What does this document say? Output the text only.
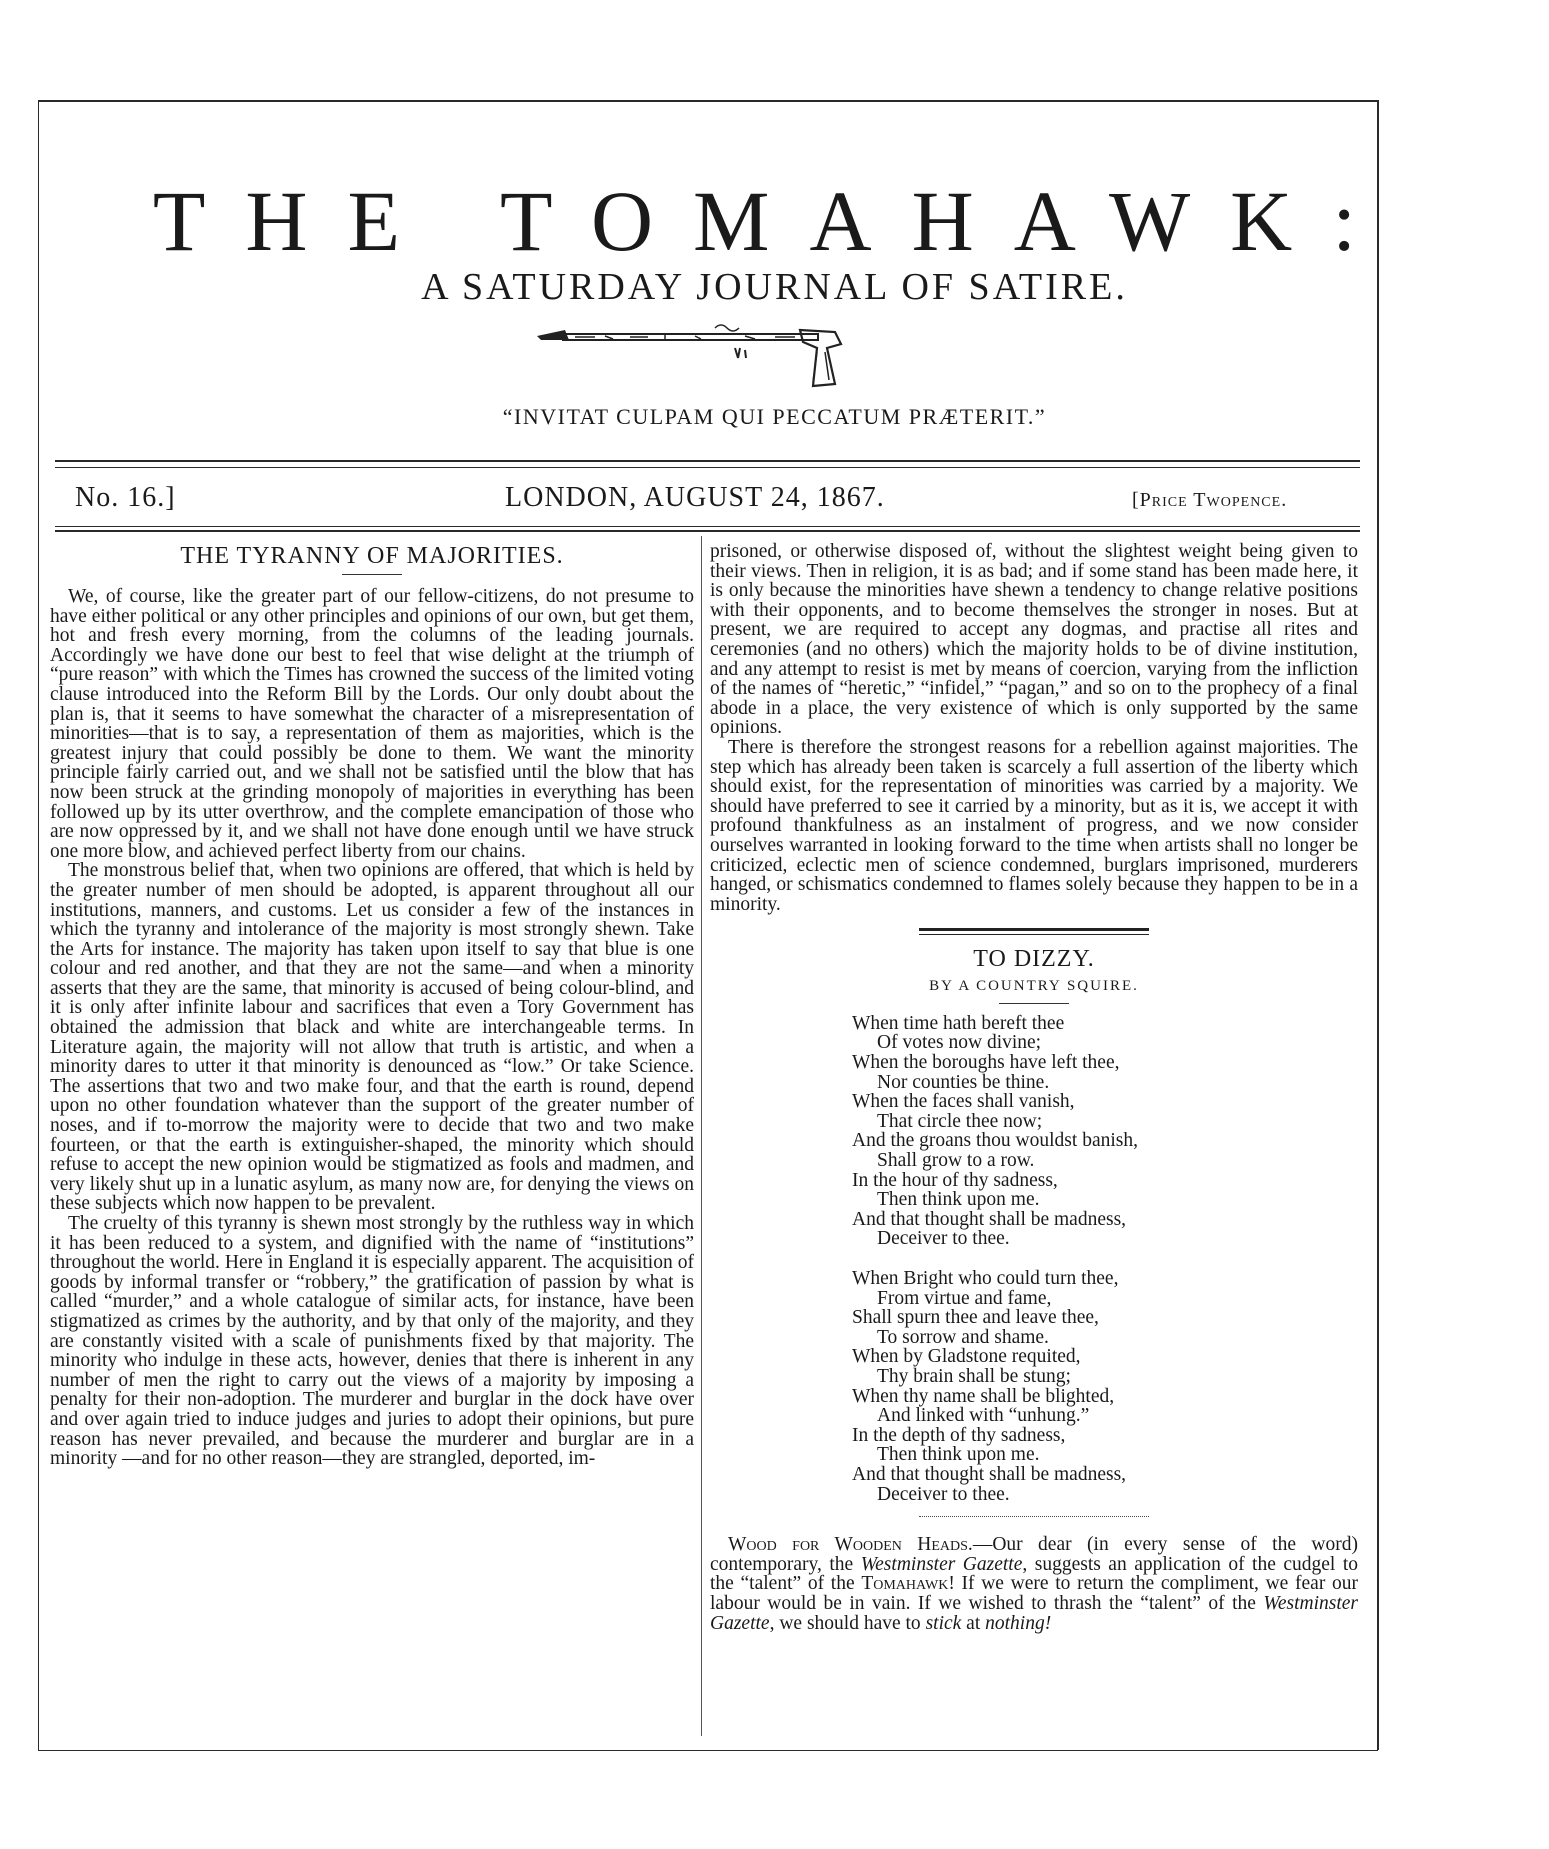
THE TOMAHAWK:
A SATURDAY JOURNAL OF SATIRE.
“INVITAT CULPAM QUI PECCATUM PRÆTERIT.”
No. 16.]	LONDON, AUGUST 24, 1867.	[Price Twopence.
THE TYRANNY OF MAJORITIES.

We, of course, like the greater part of our fellow-citizens, do not presume to have either political or any other principles and opinions of our own, but get them, hot and fresh every morning, from the columns of the leading journals. Accordingly we have done our best to feel that wise delight at the triumph of “pure reason” with which the Times has crowned the success of the limited voting clause introduced into the Reform Bill by the Lords. Our only doubt about the plan is, that it seems to have somewhat the character of a misrepresentation of minorities—that is to say, a representation of them as majorities, which is the greatest injury that could possibly be done to them. We want the minority principle fairly carried out, and we shall not be satisfied until the blow that has now been struck at the grinding monopoly of majorities in everything has been followed up by its utter overthrow, and the complete emancipation of those who are now oppressed by it, and we shall not have done enough until we have struck one more blow, and achieved perfect liberty from our chains.

The monstrous belief that, when two opinions are offered, that which is held by the greater number of men should be adopted, is apparent throughout all our institutions, manners, and customs. Let us consider a few of the instances in which the tyranny and intolerance of the majority is most strongly shewn. Take the Arts for instance. The majority has taken upon itself to say that blue is one colour and red another, and that they are not the same—and when a minority asserts that they are the same, that minority is accused of being colour-blind, and it is only after infinite labour and sacrifices that even a Tory Government has obtained the admission that black and white are interchangeable terms. In Literature again, the majority will not allow that truth is artistic, and when a minority dares to utter it that minority is denounced as “low.” Or take Science. The assertions that two and two make four, and that the earth is round, depend upon no other foundation whatever than the support of the greater number of noses, and if to-morrow the majority were to decide that two and two make fourteen, or that the earth is extinguisher-shaped, the minority which should refuse to accept the new opinion would be stigmatized as fools and madmen, and very likely shut up in a lunatic asylum, as many now are, for denying the views on these subjects which now happen to be prevalent.

The cruelty of this tyranny is shewn most strongly by the ruthless way in which it has been reduced to a system, and dignified with the name of “institutions” throughout the world. Here in England it is especially apparent. The acquisition of goods by informal transfer or “robbery,” the gratification of passion by what is called “murder,” and a whole catalogue of similar acts, for instance, have been stigmatized as crimes by the authority, and by that only of the majority, and they are constantly visited with a scale of punishments fixed by that majority. The minority who indulge in these acts, however, denies that there is inherent in any number of men the right to carry out the views of a majority by imposing a penalty for their non-adoption. The murderer and burglar in the dock have over and over again tried to induce judges and juries to adopt their opinions, but pure reason has never prevailed, and because the murderer and burglar are in a minority —and for no other reason—they are strangled, deported, im-

prisoned, or otherwise disposed of, without the slightest weight being given to their views. Then in religion, it is as bad; and if some stand has been made here, it is only because the minorities have shewn a tendency to change relative positions with their opponents, and to become themselves the stronger in noses. But at present, we are required to accept any dogmas, and practise all rites and ceremonies (and no others) which the majority holds to be of divine institution, and any attempt to resist is met by means of coercion, varying from the infliction of the names of “heretic,” “infidel,” “pagan,” and so on to the prophecy of a final abode in a place, the very existence of which is only supported by the same opinions.

There is therefore the strongest reasons for a rebellion against majorities. The step which has already been taken is scarcely a full assertion of the liberty which should exist, for the representation of minorities was carried by a majority. We should have preferred to see it carried by a minority, but as it is, we accept it with profound thankfulness as an instalment of progress, and we now consider ourselves warranted in looking forward to the time when artists shall no longer be criticized, eclectic men of science condemned, burglars imprisoned, murderers hanged, or schismatics condemned to flames solely because they happen to be in a minority.

TO DIZZY.
BY A COUNTRY SQUIRE.
When time hath bereft thee
Of votes now divine;
When the boroughs have left thee,
Nor counties be thine.
When the faces shall vanish,
That circle thee now;
And the groans thou wouldst banish,
Shall grow to a row.
In the hour of thy sadness,
Then think upon me.
And that thought shall be madness,
Deceiver to thee.
When Bright who could turn thee,
From virtue and fame,
Shall spurn thee and leave thee,
To sorrow and shame.
When by Gladstone requited,
Thy brain shall be stung;
When thy name shall be blighted,
And linked with “unhung.”
In the depth of thy sadness,
Then think upon me.
And that thought shall be madness,
Deceiver to thee.

Wood for Wooden Heads.—Our dear (in every sense of the word) contemporary, the Westminster Gazette, suggests an application of the cudgel to the “talent” of the Tomahawk! If we were to return the compliment, we fear our labour would be in vain. If we wished to thrash the “talent” of the Westminster Gazette, we should have to stick at nothing!
